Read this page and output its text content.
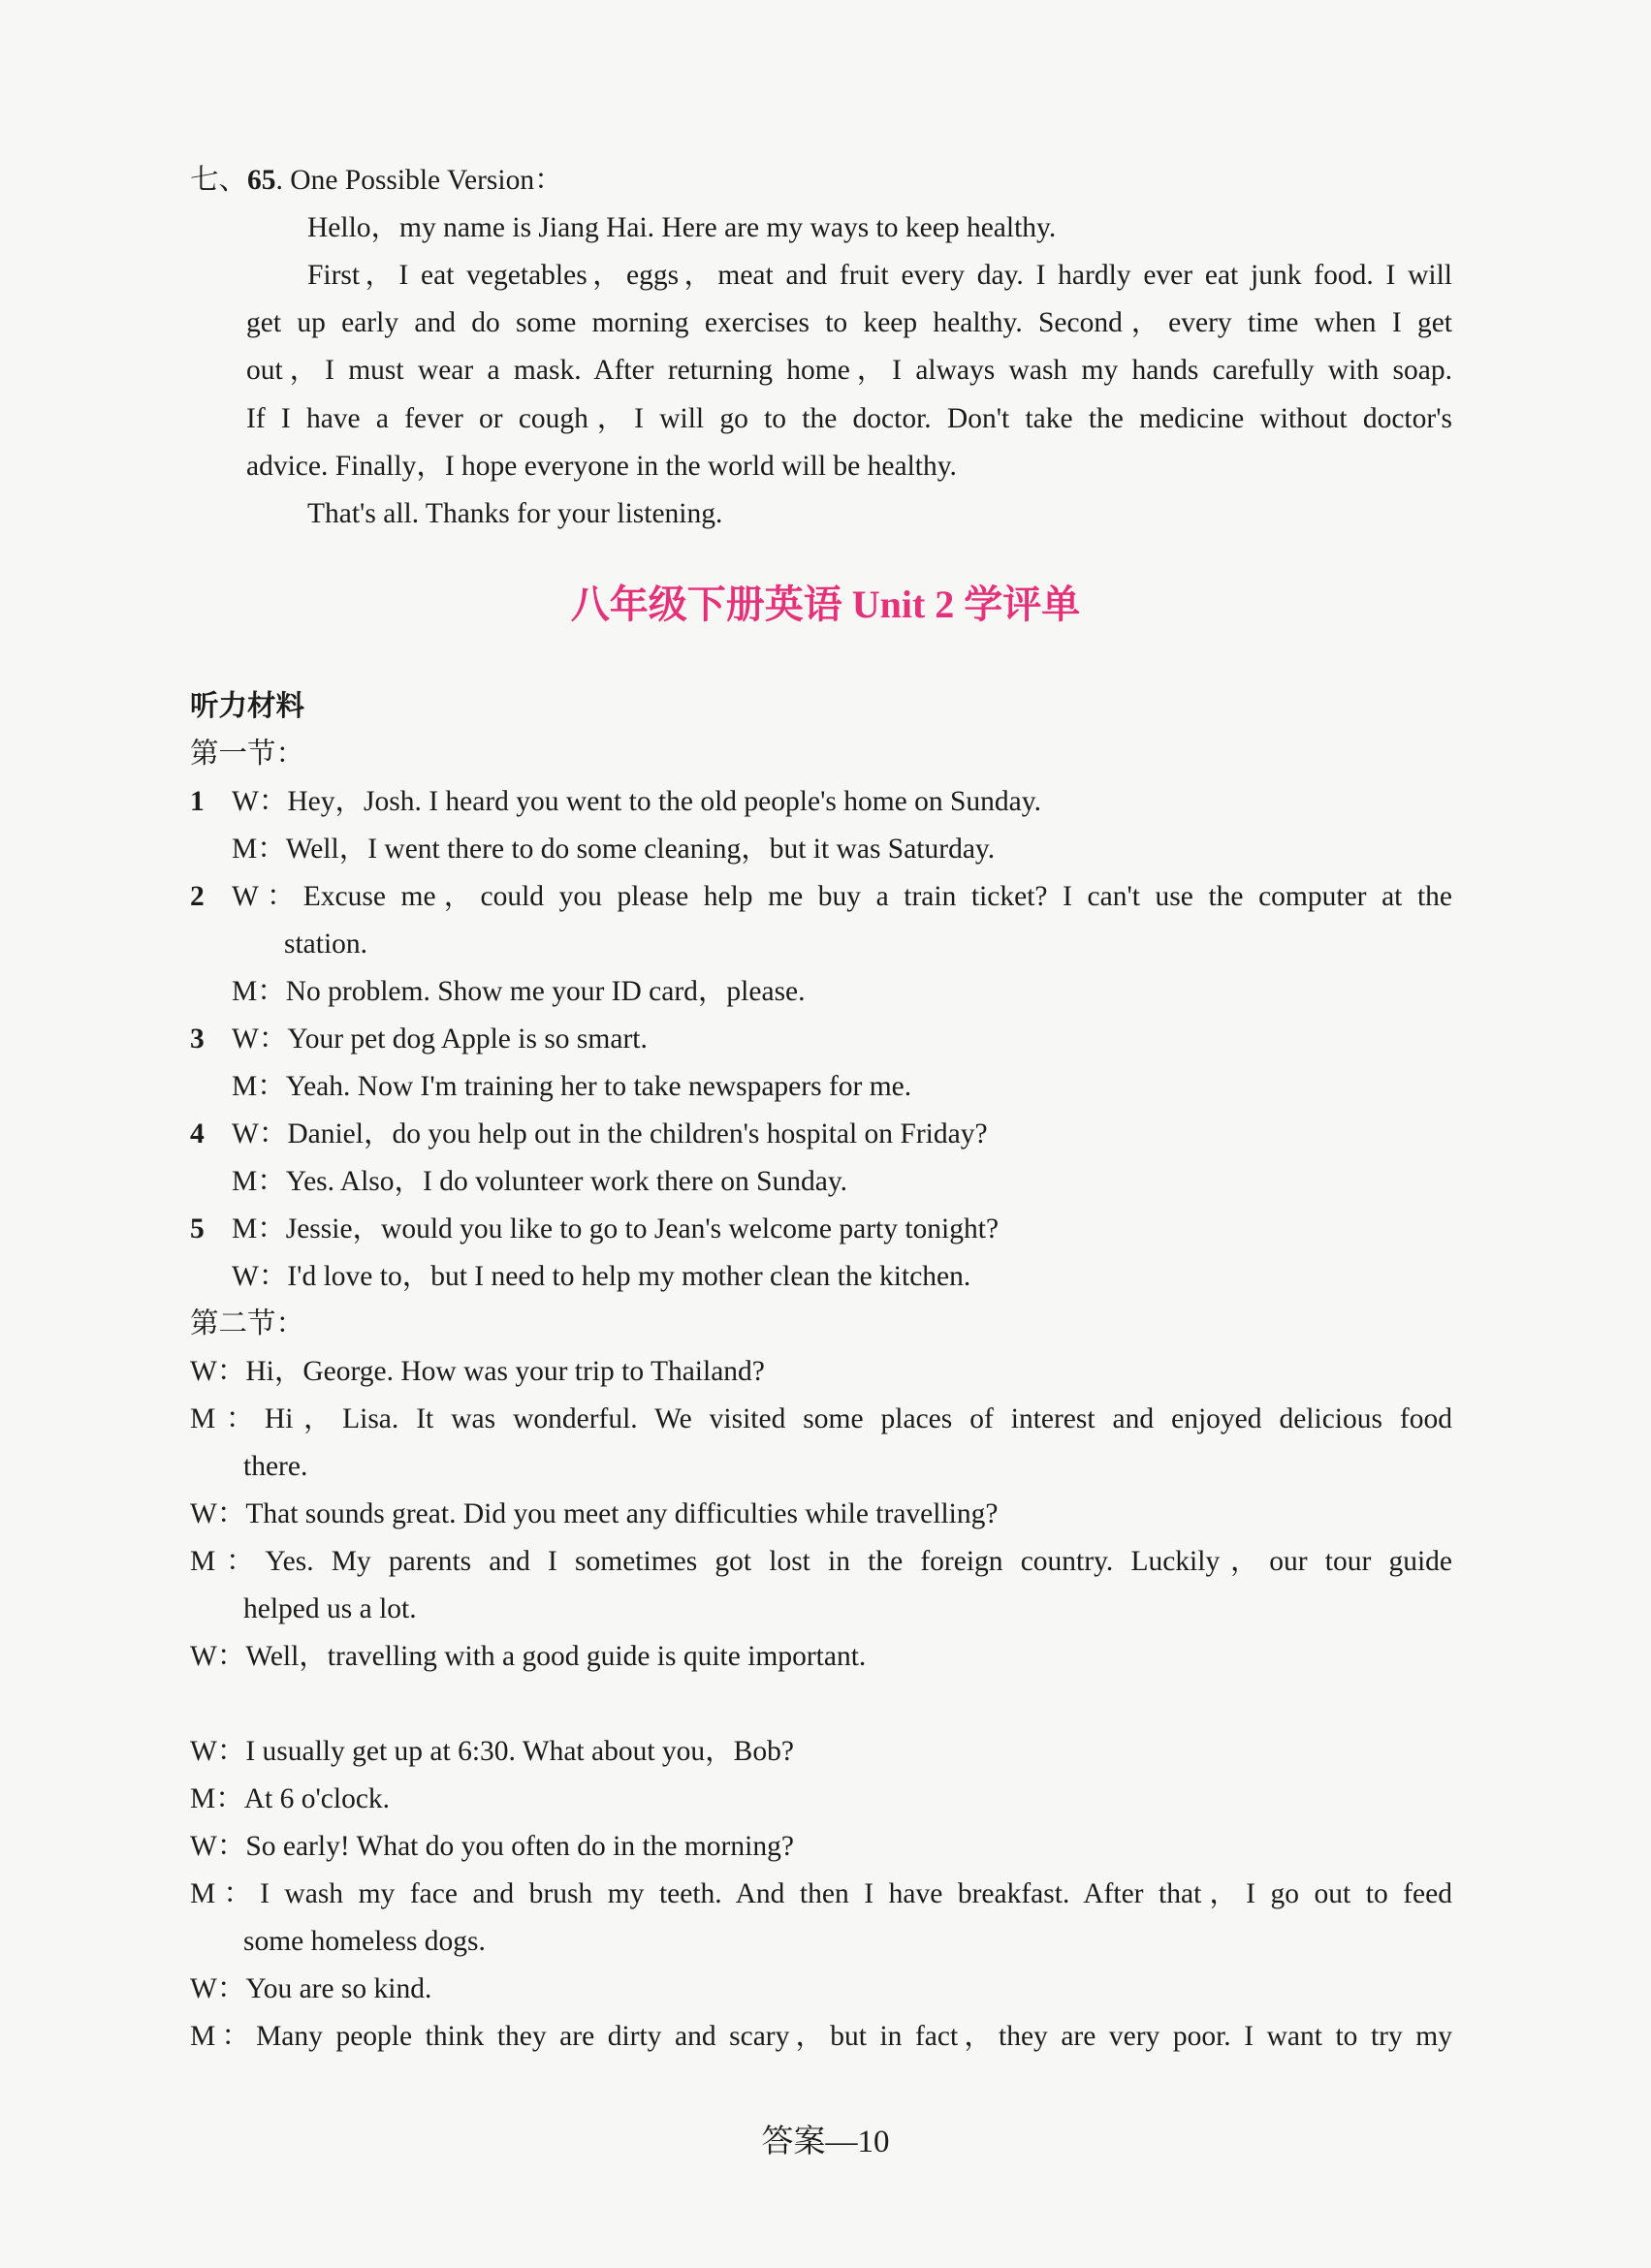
七、65. One Possible Version：
Hello，my name is Jiang Hai. Here are my ways to keep healthy.
First，I eat vegetables，eggs，meat and fruit every day. I hardly ever eat junk food. I will
get up early and do some morning exercises to keep healthy. Second，every time when I get
out，I must wear a mask. After returning home，I always wash my hands carefully with soap.
If I have a fever or cough，I will go to the doctor. Don't take the medicine without doctor's
advice. Finally，I hope everyone in the world will be healthy.
That's all. Thanks for your listening.
八年级下册英语 Unit 2 学评单
听力材料
第一节：
1 W：Hey，Josh. I heard you went to the old people's home on Sunday.
M：Well，I went there to do some cleaning，but it was Saturday.
2 W：Excuse me，could you please help me buy a train ticket? I can't use the computer at the
station.
M：No problem. Show me your ID card，please.
3 W：Your pet dog Apple is so smart.
M：Yeah. Now I'm training her to take newspapers for me.
4 W：Daniel，do you help out in the children's hospital on Friday?
M：Yes. Also，I do volunteer work there on Sunday.
5 M：Jessie，would you like to go to Jean's welcome party tonight?
W：I'd love to，but I need to help my mother clean the kitchen.
第二节：
W：Hi，George. How was your trip to Thailand?
M：Hi，Lisa. It was wonderful. We visited some places of interest and enjoyed delicious food
there.
W：That sounds great. Did you meet any difficulties while travelling?
M：Yes. My parents and I sometimes got lost in the foreign country. Luckily，our tour guide
helped us a lot.
W：Well，travelling with a good guide is quite important.
W：I usually get up at 6:30. What about you，Bob?
M：At 6 o'clock.
W：So early! What do you often do in the morning?
M：I wash my face and brush my teeth. And then I have breakfast. After that，I go out to feed
some homeless dogs.
W：You are so kind.
M：Many people think they are dirty and scary，but in fact，they are very poor. I want to try my
答案—10
